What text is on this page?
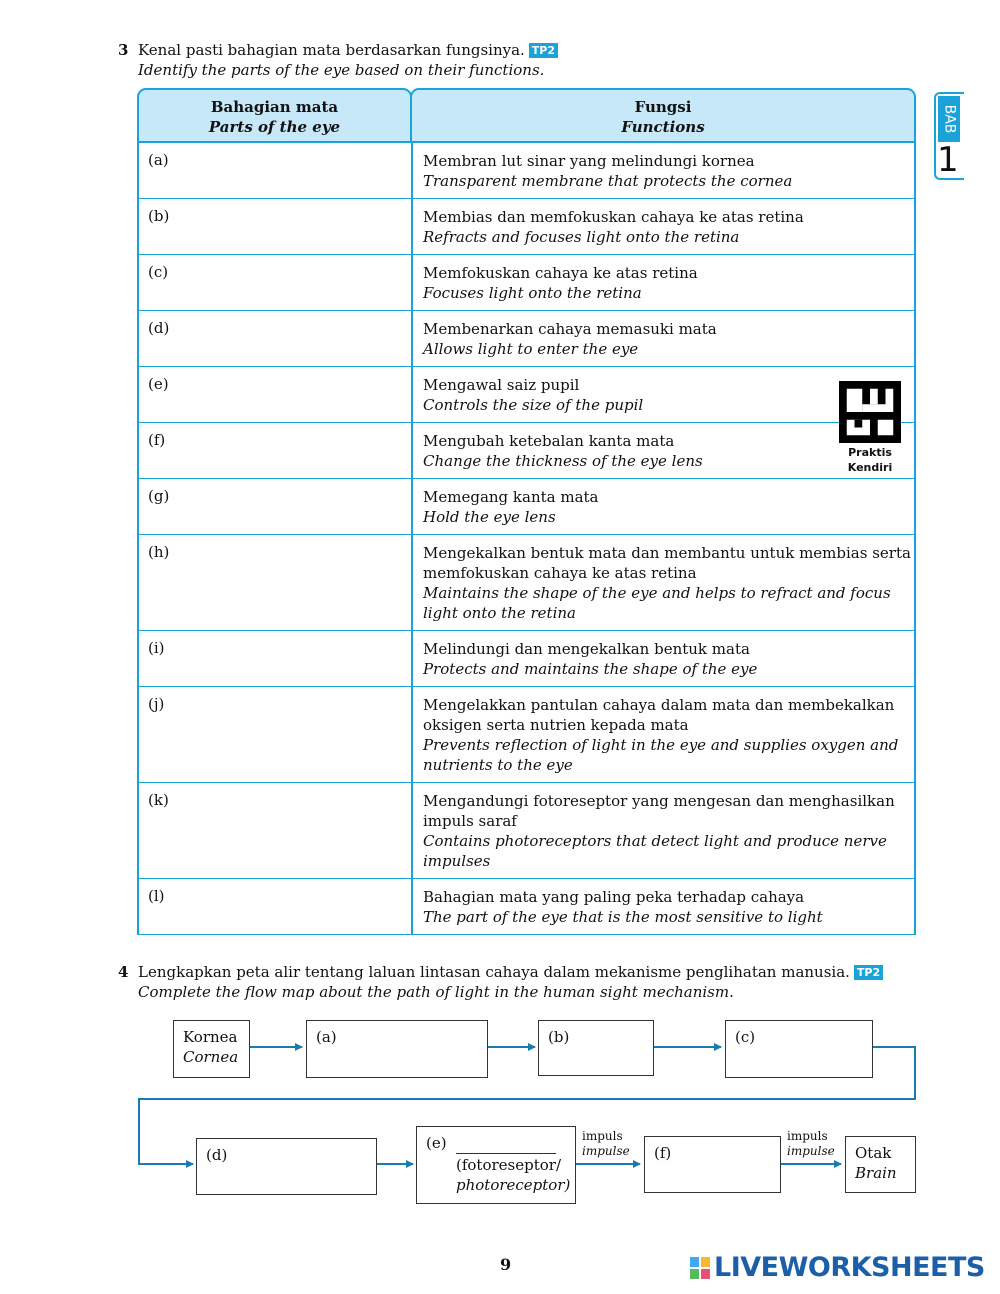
3 Kenal pasti bahagian mata berdasarkan fungsinya. TP2
Identify the parts of the eye based on their functions.
Bahagian mata
Parts of the eye
Fungsi
Functions
(a)	Membran lut sinar yang melindungi kornea
Transparent membrane that protects the cornea
(b)	Membias dan memfokuskan cahaya ke atas retina
Refracts and focuses light onto the retina
(c)	Memfokuskan cahaya ke atas retina
Focuses light onto the retina
(d)	Membenarkan cahaya memasuki mata
Allows light to enter the eye
(e)	Mengawal saiz pupil
Controls the size of the pupil
(f)	Mengubah ketebalan kanta mata
Change the thickness of the eye lens
(g)	Memegang kanta mata
Hold the eye lens
(h)	Mengekalkan bentuk mata dan membantu untuk membias serta memfokuskan cahaya ke atas retina
Maintains the shape of the eye and helps to refract and focus light onto the retina
(i)	Melindungi dan mengekalkan bentuk mata
Protects and maintains the shape of the eye
(j)	Mengelakkan pantulan cahaya dalam mata dan membekalkan oksigen serta nutrien kepada mata
Prevents reflection of light in the eye and supplies oxygen and nutrients to the eye
(k)	Mengandungi fotoreseptor yang mengesan dan menghasilkan impuls saraf
Contains photoreceptors that detect light and produce nerve impulses
(l)	Bahagian mata yang paling peka terhadap cahaya
The part of the eye that is the most sensitive to light
BAB
1
Praktis
Kendiri
4 Lengkapkan peta alir tentang laluan lintasan cahaya dalam mekanisme penglihatan manusia. TP2
Complete the flow map about the path of light in the human sight mechanism.
Kornea
Cornea
(a)	(b)	(c)
(d)
(e)
(fotoreseptor/
photoreceptor)
(f)	Otak
Brain
impuls
impulse
impuls
impulse
9	LIVEWORKSHEETS
